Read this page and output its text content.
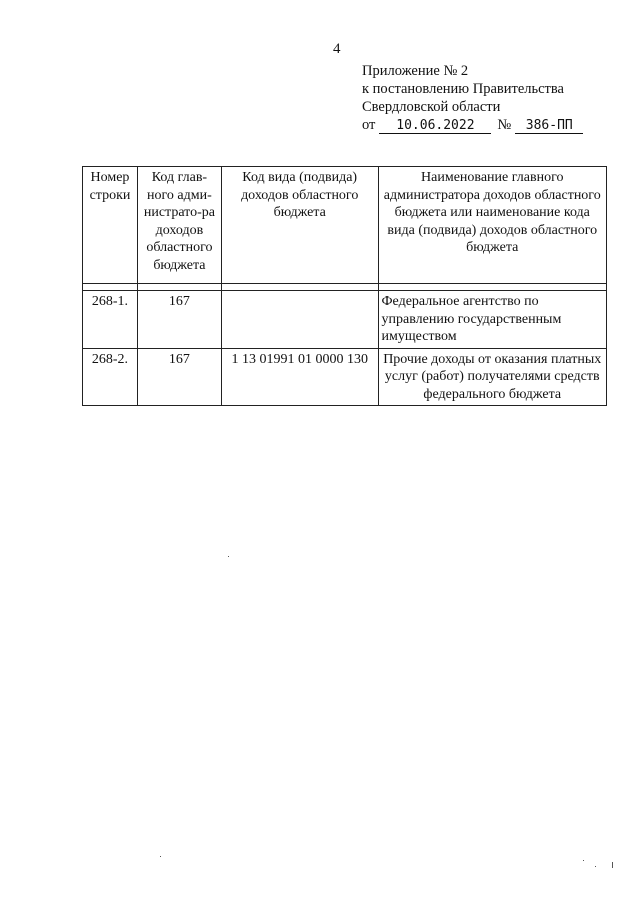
4
Приложение № 2
к постановлению Правительства
Свердловской области
от 10.06.2022 № 386-ПП
Номер строки	Код глав-ного адми-нистрато-ра доходов областного бюджета	Код вида (подвида) доходов областного бюджета	Наименование главного администратора доходов областного бюджета или наименование кода вида (подвида) доходов областного бюджета

268-1.	167		Федеральное агентство по управлению государственным имуществом
268-2.	167	1 13 01991 01 0000 130	Прочие доходы от оказания платных услуг (работ) получателями средств федерального бюджета
